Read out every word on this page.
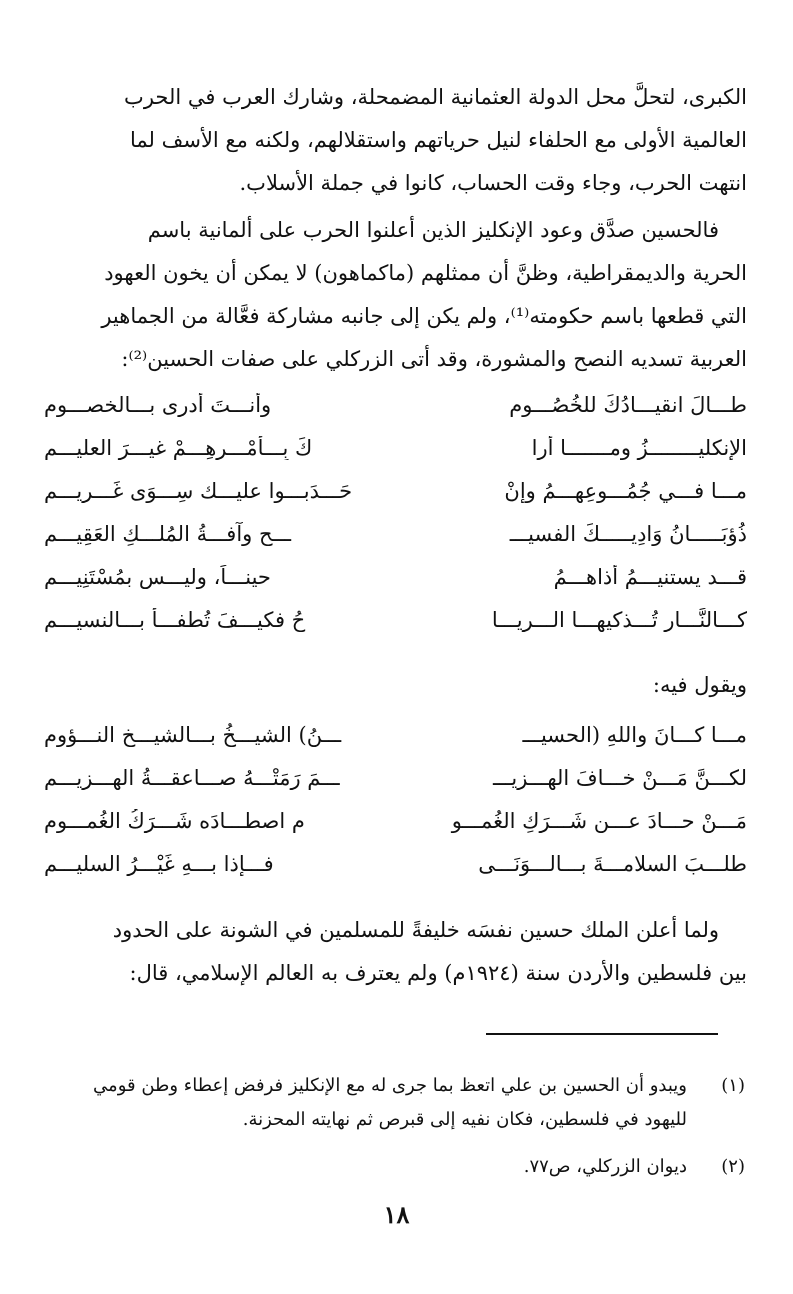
الكبرى، لتحلَّ محل الدولة العثمانية المضمحلة، وشارك العرب في الحرب
العالمية الأولى مع الحلفاء لنيل حرياتهم واستقلالهم، ولكنه مع الأسف لما
انتهت الحرب، وجاء وقت الحساب، كانوا في جملة الأسلاب.
فالحسين صدَّق وعود الإنكليز الذين أعلنوا الحرب على ألمانية باسم
الحرية والديمقراطية، وظنَّ أن ممثلهم (ماكماهون) لا يمكن أن يخون العهود
التي قطعها باسم حكومته⁽¹⁾، ولم يكن إلى جانبه مشاركة فعَّالة من الجماهير
العربية تسديه النصح والمشورة، وقد أتى الزركلي على صفات الحسين⁽²⁾:
طـــالَ انقيـــادُكَ للخُصُـــومِ
وأنـــتَ أدرى بـــالخصـــومِ
الإنكليــــــــزُ ومـــــــا أُرا
كَ بِـــأمْـــرِهِـــمْ غيـــرَ العليـــمِ
مـــا فـــي جُمُـــوعِهِـــمُ وإنْ
حَـــدَبـــوا عليـــك سِـــوَى غَـــريـــمِ
ذُؤبَـــــانُ وَادِيـــــكَ الفسيـــ
ـــحِ وآفـــةُ المُلـــكِ العَقِيـــمِ
قـــد يستنيـــمُ أذاهـــمُ
حينـــاً، وليـــس بمُسْتَنِيـــمِ
كـــالنَّـــارِ تُـــذكيهـــا الـــريـــا
حُ فكيـــفَ تُطفـــأُ بـــالنسيـــمِ
ويقول فيه:
مـــا كـــانَ واللهِ (الحسيـــ
ـــنُ) الشيـــخُ بـــالشيـــخِ النـــؤومِ
لكـــنَّ مَـــنْ خـــافَ الهـــزيـــ
ـــمَ رَمَتْـــهُ صـــاعقـــةُ الهـــزيـــمِ
مَـــنْ حـــادَ عـــن شَـــرَكِ الغُمـــو
مِ اصطـــادَه شَـــرَكُ الغُمـــومِ
طلـــبَ السلامـــةَ بـــالـــوَنَـــى
فـــإذا بـــهِ غَيْـــرُ السليـــمِ
ولما أعلن الملك حسين نفسَه خليفةً للمسلمين في الشونة على الحدود
بين فلسطين والأردن سنة (١٩٢٤م) ولم يعترف به العالم الإسلامي، قال:
(١)
ويبدو أن الحسين بن علي اتعظ بما جرى له مع الإنكليز فرفض إعطاء وطن قومي
لليهود في فلسطين، فكان نفيه إلى قبرص ثم نهايته المحزنة.
(٢)
ديوان الزركلي، ص٧٧.
١٨
